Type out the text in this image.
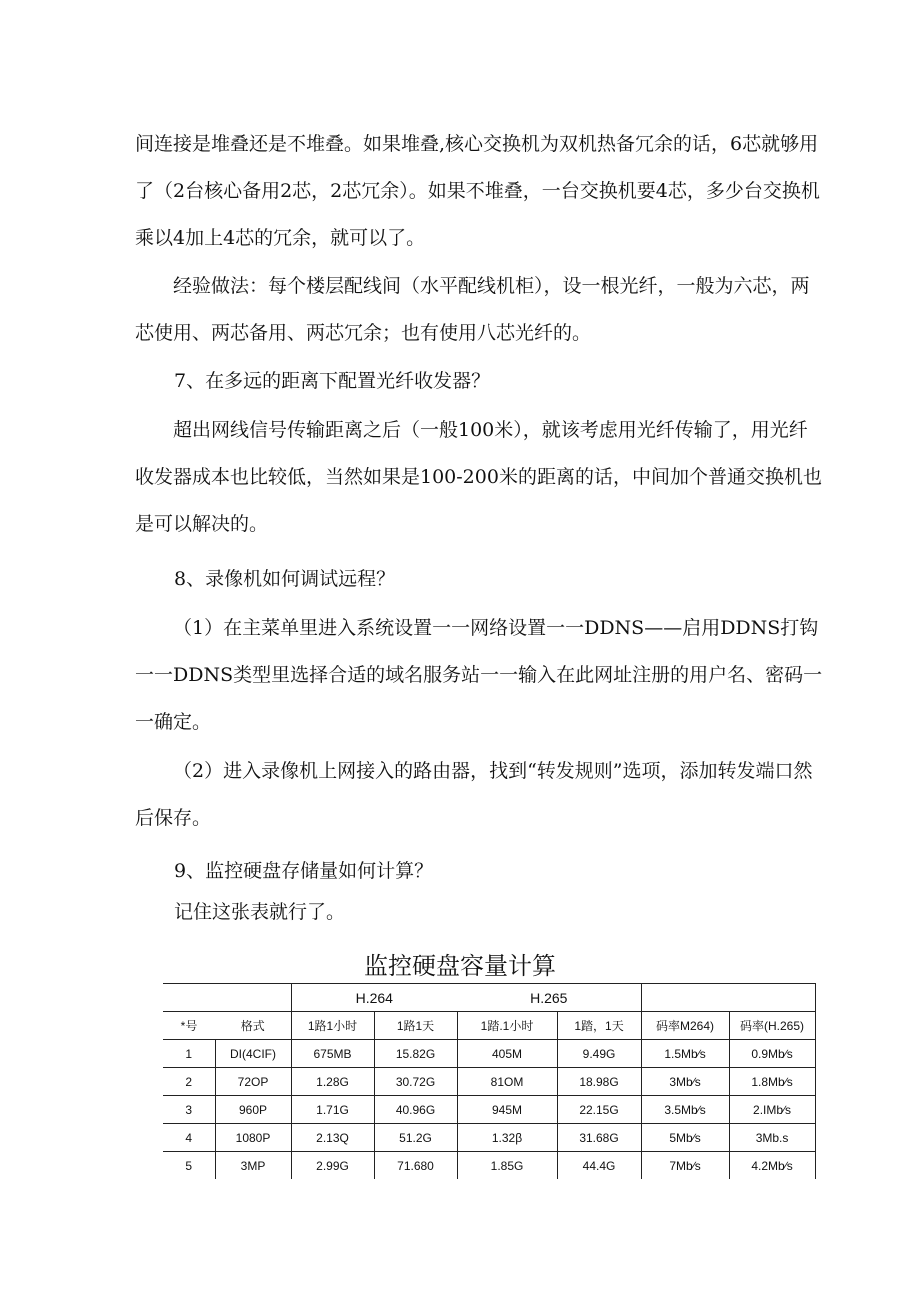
间连接是堆叠还是不堆叠。如果堆叠,核心交换机为双机热备冗余的话，6芯就够用了（2台核心备用2芯，2芯冗余）。如果不堆叠，一台交换机要4芯，多少台交换机乘以4加上4芯的冗余，就可以了。

经验做法：每个楼层配线间（水平配线机柜），设一根光纤，一般为六芯，两芯使用、两芯备用、两芯冗余；也有使用八芯光纤的。

7、在多远的距离下配置光纤收发器？

超出网线信号传输距离之后（一般100米），就该考虑用光纤传输了，用光纤收发器成本也比较低，当然如果是100-200米的距离的话，中间加个普通交换机也是可以解决的。

8、录像机如何调试远程？

（1）在主菜单里进入系统设置一一网络设置一一DDNS——启用DDNS打钩一一DDNS类型里选择合适的域名服务站一一输入在此网址注册的用户名、密码一一确定。

（2）进入录像机上网接入的路由器，找到“转发规则”选项，添加转发端口然后保存。

9、监控硬盘存储量如何计算？

记住这张表就行了。

监控硬盘容量计算

		H.264		H.265			
*号	格式	1路1小时	1路1天	1踏.1小时	1踏，1天	码率M264)	码率(H.265)
1	DI(4CIF)	675MB	15.82G	405M	9.49G	1.5Mb∕s	0.9Mb∕s
2	72OP	1.28G	30.72G	81OM	18.98G	3Mb∕s	1.8Mb∕s
3	960P	1.71G	40.96G	945M	22.15G	3.5Mb∕s	2.IMb∕s
4	1080P	2.13Q	51.2G	1.32β	31.68G	5Mb∕s	3Mb.s
5	3MP	2.99G	71.680	1.85G	44.4G	7Mb∕s	4.2Mb∕s
